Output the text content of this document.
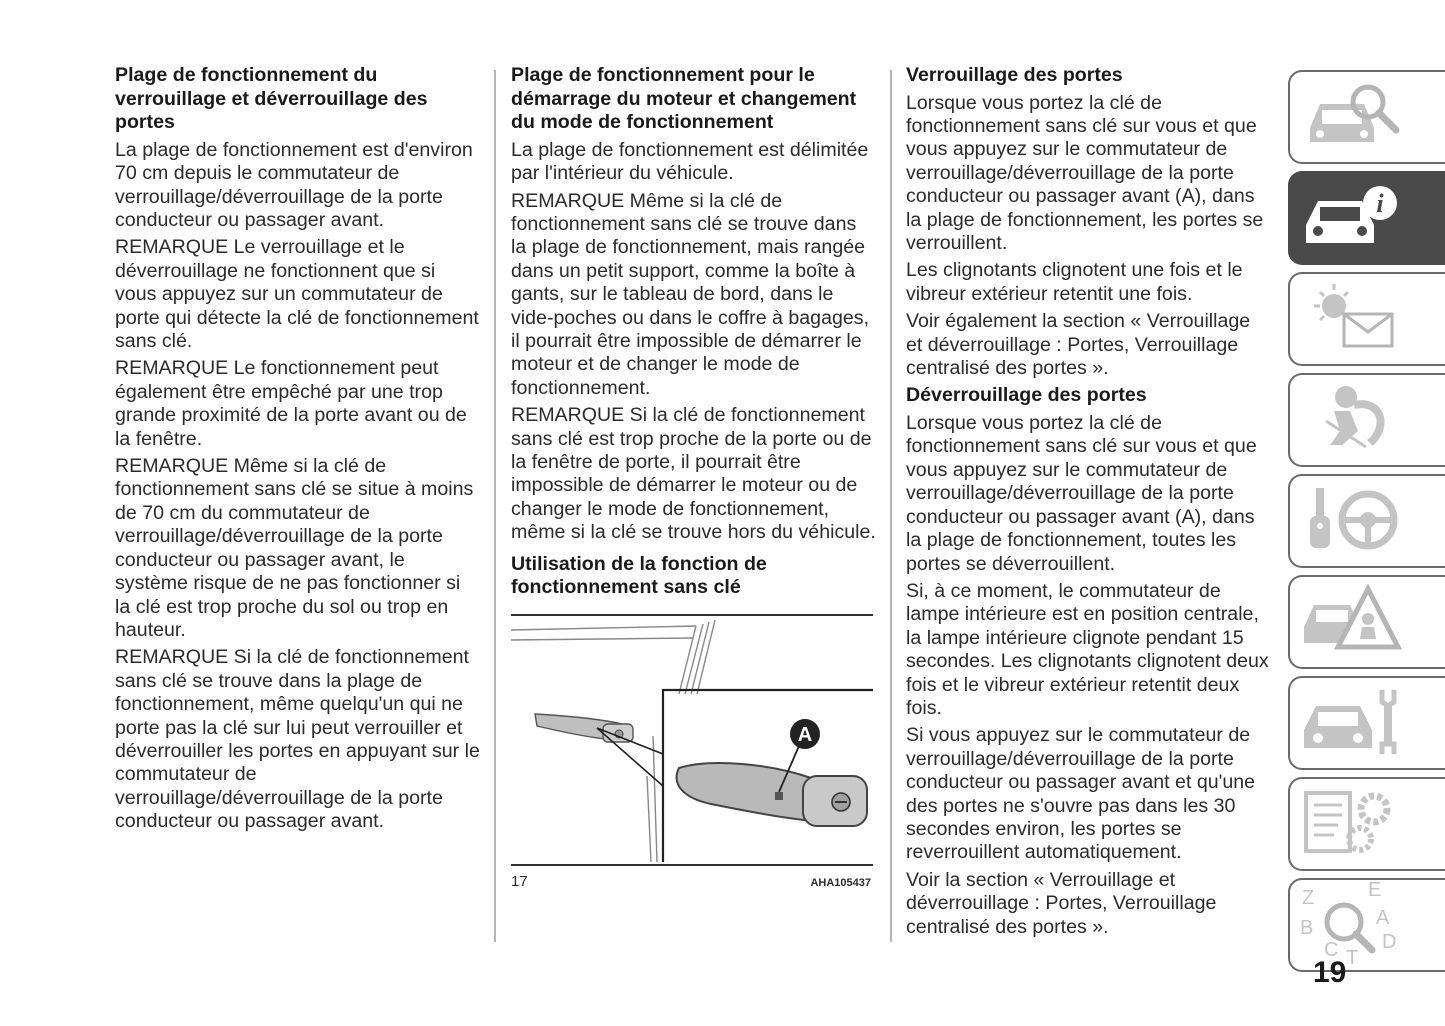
Plage de fonctionnement du verrouillage et déverrouillage des portes

La plage de fonctionnement est d'environ 70 cm depuis le commutateur de verrouillage/déverrouillage de la porte conducteur ou passager avant.

REMARQUE Le verrouillage et le déverrouillage ne fonctionnent que si vous appuyez sur un commutateur de porte qui détecte la clé de fonctionnement sans clé.

REMARQUE Le fonctionnement peut également être empêché par une trop grande proximité de la porte avant ou de la fenêtre.

REMARQUE Même si la clé de fonctionnement sans clé se situe à moins de 70 cm du commutateur de verrouillage/déverrouillage de la porte conducteur ou passager avant, le système risque de ne pas fonctionner si la clé est trop proche du sol ou trop en hauteur.

REMARQUE Si la clé de fonctionnement sans clé se trouve dans la plage de fonctionnement, même quelqu'un qui ne porte pas la clé sur lui peut verrouiller et déverrouiller les portes en appuyant sur le commutateur de verrouillage/déverrouillage de la porte conducteur ou passager avant.

Plage de fonctionnement pour le démarrage du moteur et changement du mode de fonctionnement

La plage de fonctionnement est délimitée par l'intérieur du véhicule.

REMARQUE Même si la clé de fonctionnement sans clé se trouve dans la plage de fonctionnement, mais rangée dans un petit support, comme la boîte à gants, sur le tableau de bord, dans le vide-poches ou dans le coffre à bagages, il pourrait être impossible de démarrer le moteur et de changer le mode de fonctionnement.

REMARQUE Si la clé de fonctionnement sans clé est trop proche de la porte ou de la fenêtre de porte, il pourrait être impossible de démarrer le moteur ou de changer le mode de fonctionnement, même si la clé se trouve hors du véhicule.

Utilisation de la fonction de fonctionnement sans clé
A
17	AHA105437
Verrouillage des portes

Lorsque vous portez la clé de fonctionnement sans clé sur vous et que vous appuyez sur le commutateur de verrouillage/déverrouillage de la porte conducteur ou passager avant (A), dans la plage de fonctionnement, les portes se verrouillent.

Les clignotants clignotent une fois et le vibreur extérieur retentit une fois.

Voir également la section « Verrouillage et déverrouillage : Portes, Verrouillage centralisé des portes ».

Déverrouillage des portes

Lorsque vous portez la clé de fonctionnement sans clé sur vous et que vous appuyez sur le commutateur de verrouillage/déverrouillage de la porte conducteur ou passager avant (A), dans la plage de fonctionnement, toutes les portes se déverrouillent.

Si, à ce moment, le commutateur de lampe intérieure est en position centrale, la lampe intérieure clignote pendant 15 secondes. Les clignotants clignotent deux fois et le vibreur extérieur retentit deux fois.

Si vous appuyez sur le commutateur de verrouillage/déverrouillage de la porte conducteur ou passager avant et qu'une des portes ne s'ouvre pas dans les 30 secondes environ, les portes se reverrouillent automatiquement.

Voir la section « Verrouillage et déverrouillage : Portes, Verrouillage centralisé des portes ».

i
Z	E
A
B
C T
D
19
